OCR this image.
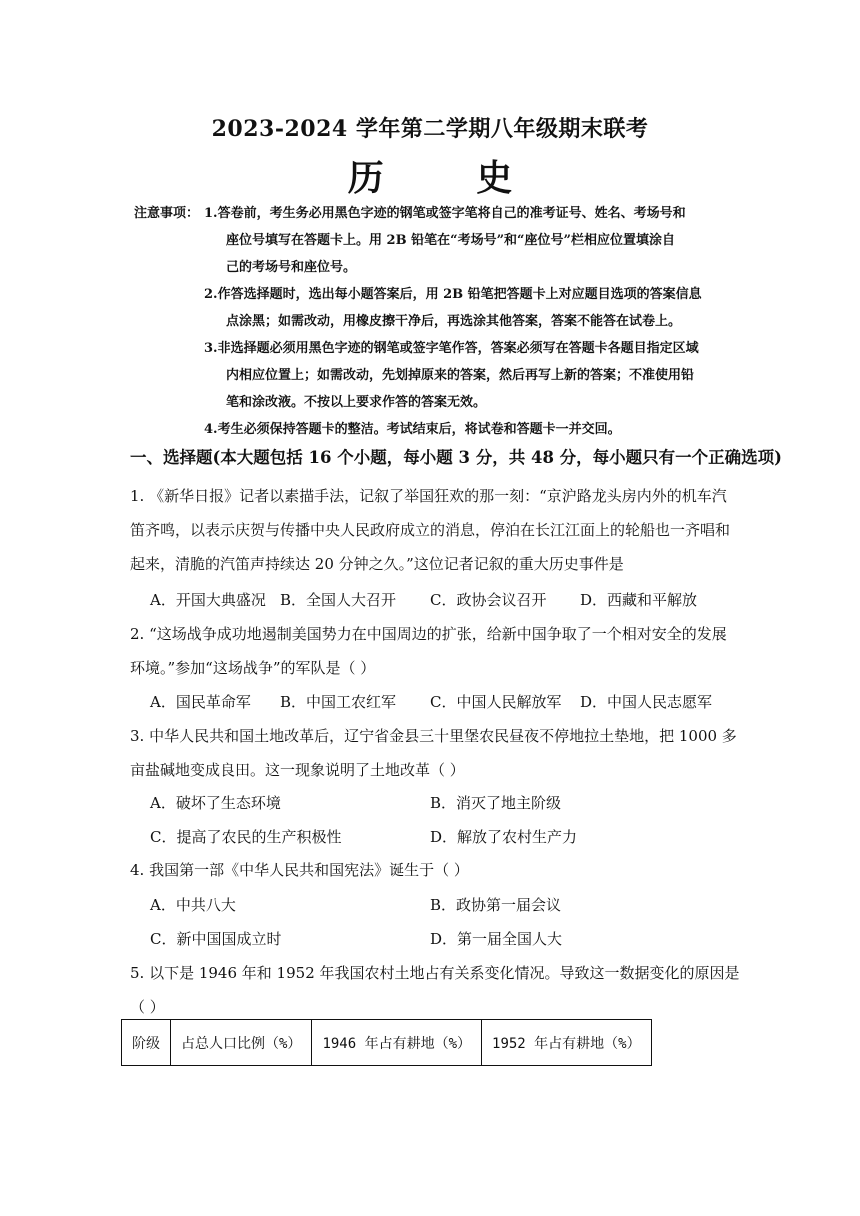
2023-2024 学年第二学期八年级期末联考
历 史
注意事项： 1.答卷前，考生务必用黑色字迹的钢笔或签字笔将自己的准考证号、姓名、考场号和
座位号填写在答题卡上。用 2B 铅笔在“考场号”和“座位号”栏相应位置填涂自
己的考场号和座位号。
2.作答选择题时，选出每小题答案后，用 2B 铅笔把答题卡上对应题目选项的答案信息
点涂黑；如需改动，用橡皮擦干净后，再选涂其他答案，答案不能答在试卷上。
3.非选择题必须用黑色字迹的钢笔或签字笔作答，答案必须写在答题卡各题目指定区域
内相应位置上；如需改动，先划掉原来的答案，然后再写上新的答案；不准使用铅
笔和涂改液。不按以上要求作答的答案无效。
4.考生必须保持答题卡的整洁。考试结束后，将试卷和答题卡一并交回。
一、选择题(本大题包括 16 个小题，每小题 3 分，共 48 分，每小题只有一个正确选项)
1. 《新华日报》记者以素描手法，记叙了举国狂欢的那一刻：“京沪路龙头房内外的机车汽
笛齐鸣，以表示庆贺与传播中央人民政府成立的消息，停泊在长江江面上的轮船也一齐唱和
起来，清脆的汽笛声持续达 20 分钟之久。”这位记者记叙的重大历史事件是
A．开国大典盛况 B．全国人大召开 C．政协会议召开 D．西藏和平解放
2. “这场战争成功地遏制美国势力在中国周边的扩张，给新中国争取了一个相对安全的发展
环境。”参加“这场战争”的军队是（ ）
A．国民革命军 B．中国工农红军 C．中国人民解放军 D．中国人民志愿军
3. 中华人民共和国土地改革后，辽宁省金县三十里堡农民昼夜不停地拉土垫地，把 1000 多
亩盐碱地变成良田。这一现象说明了土地改革（ ）
A．破坏了生态环境	B．消灭了地主阶级
C．提高了农民的生产积极性	D．解放了农村生产力
4. 我国第一部《中华人民共和国宪法》诞生于（ ）
A．中共八大	B．政协第一届会议
C．新中国国成立时	D．第一届全国人大
5. 以下是 1946 年和 1952 年我国农村土地占有关系变化情况。导致这一数据变化的原因是
（ ）
阶级	占总人口比例（%）	1946 年占有耕地（%）	1952 年占有耕地（%）
